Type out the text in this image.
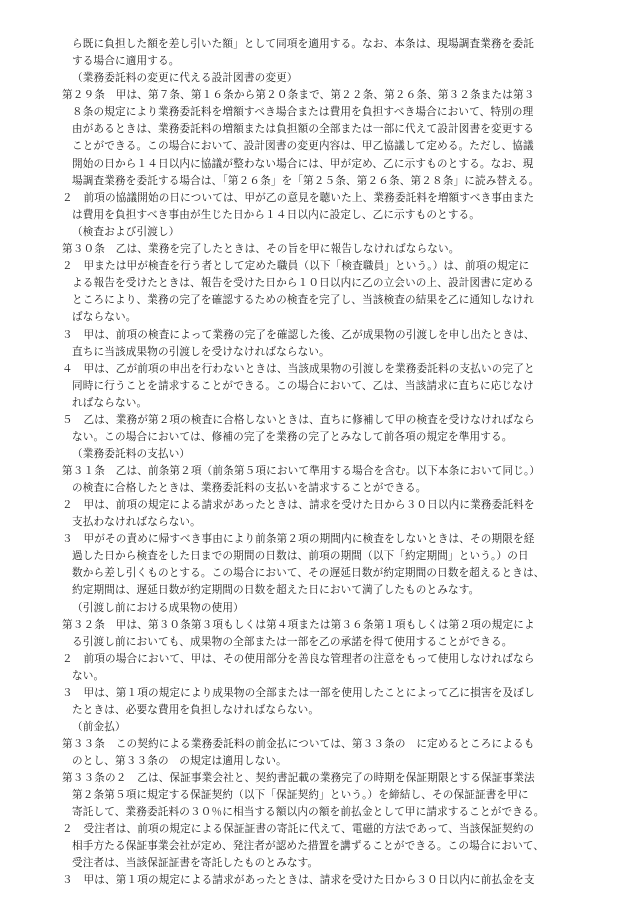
ら既に負担した額を差し引いた額」として同項を適用する。なお、本条は、現場調査業務を委託
する場合に適用する。

（業務委託料の変更に代える設計図書の変更）

第２９条　甲は、第７条、第１６条から第２０条まで、第２２条、第２６条、第３２条または第３
８条の規定により業務委託料を増額すべき場合または費用を負担すべき場合において、特別の理
由があるときは、業務委託料の増額または負担額の全部または一部に代えて設計図書を変更する
ことができる。この場合において、設計図書の変更内容は、甲乙協議して定める。ただし、協議
開始の日から１４日以内に協議が整わない場合には、甲が定め、乙に示すものとする。なお、現
場調査業務を委託する場合は、「第２６条」を「第２５条、第２６条、第２８条」に読み替える。

２　前項の協議開始の日については、甲が乙の意見を聴いた上、業務委託料を増額すべき事由また
は費用を負担すべき事由が生じた日から１４日以内に設定し、乙に示すものとする。

（検査および引渡し）

第３０条　乙は、業務を完了したときは、その旨を甲に報告しなければならない。

２　甲または甲が検査を行う者として定めた職員（以下「検査職員」という。）は、前項の規定に
よる報告を受けたときは、報告を受けた日から１０日以内に乙の立会いの上、設計図書に定める
ところにより、業務の完了を確認するための検査を完了し、当該検査の結果を乙に通知しなけれ
ばならない。

３　甲は、前項の検査によって業務の完了を確認した後、乙が成果物の引渡しを申し出たときは、
直ちに当該成果物の引渡しを受けなければならない。

４　甲は、乙が前項の申出を行わないときは、当該成果物の引渡しを業務委託料の支払いの完了と
同時に行うことを請求することができる。この場合において、乙は、当該請求に直ちに応じなけ
ればならない。

５　乙は、業務が第２項の検査に合格しないときは、直ちに修補して甲の検査を受けなければなら
ない。この場合においては、修補の完了を業務の完了とみなして前各項の規定を準用する。

（業務委託料の支払い）

第３１条　乙は、前条第２項（前条第５項において準用する場合を含む。以下本条において同じ。）
の検査に合格したときは、業務委託料の支払いを請求することができる。

２　甲は、前項の規定による請求があったときは、請求を受けた日から３０日以内に業務委託料を
支払わなければならない。

３　甲がその責めに帰すべき事由により前条第２項の期間内に検査をしないときは、その期限を経
過した日から検査をした日までの期間の日数は、前項の期間（以下「約定期間」という。）の日
数から差し引くものとする。この場合において、その遅延日数が約定期間の日数を超えるときは、
約定期間は、遅延日数が約定期間の日数を超えた日において満了したものとみなす。

（引渡し前における成果物の使用）

第３２条　甲は、第３０条第３項もしくは第４項または第３６条第１項もしくは第２項の規定によ
る引渡し前においても、成果物の全部または一部を乙の承諾を得て使用することができる。

２　前項の場合において、甲は、その使用部分を善良な管理者の注意をもって使用しなければなら
ない。

３　甲は、第１項の規定により成果物の全部または一部を使用したことによって乙に損害を及ぼし
たときは、必要な費用を負担しなければならない。

（前金払）

第３３条　この契約による業務委託料の前金払については、第３３条の　に定めるところによるも
のとし、第３３条の　の規定は適用しない。

第３３条の２　乙は、保証事業会社と、契約書記載の業務完了の時期を保証期限とする保証事業法
第２条第５項に規定する保証契約（以下「保証契約」という。）を締結し、その保証証書を甲に
寄託して、業務委託料の３０％に相当する額以内の額を前払金として甲に請求することができる。

２　受注者は、前項の規定による保証証書の寄託に代えて、電磁的方法であって、当該保証契約の
相手方たる保証事業会社が定め、発注者が認めた措置を講ずることができる。この場合において、
受注者は、当該保証証書を寄託したものとみなす。

３　甲は、第１項の規定による請求があったときは、請求を受けた日から３０日以内に前払金を支
